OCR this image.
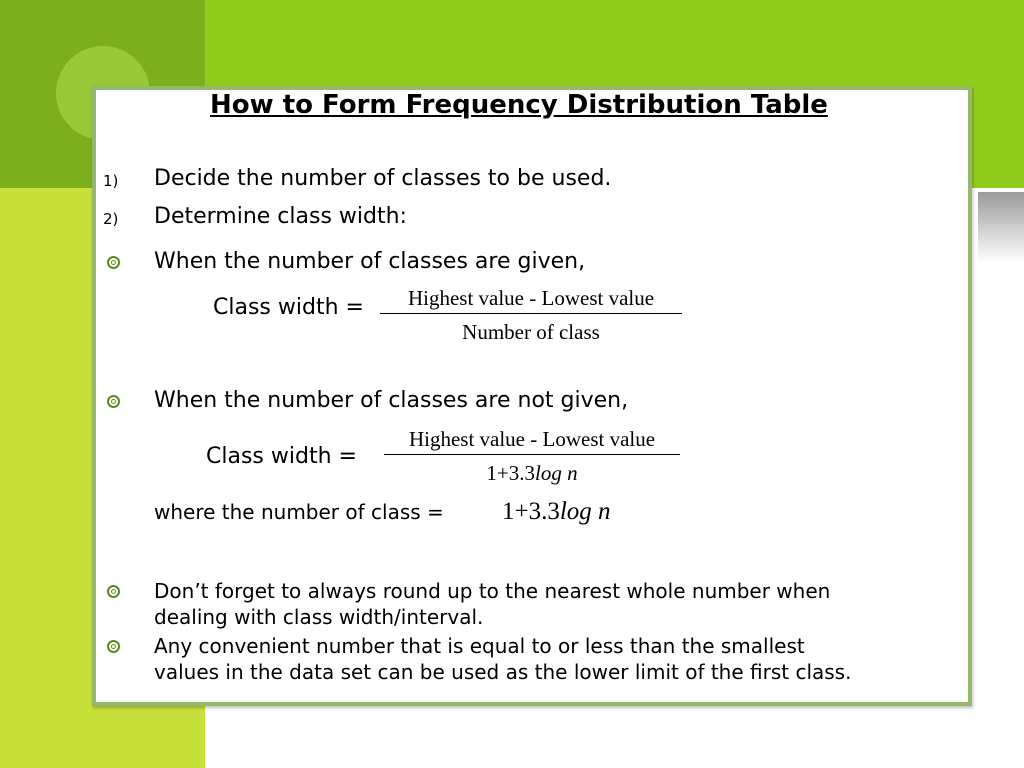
How to Form Frequency Distribution Table
1) Decide the number of classes to be used.
2) Determine class width:
When the number of classes are given,
Class width =	Highest value - Lowest value
Number of class
When the number of classes are not given,
Class width =
Highest value - Lowest value
1+3.3log n
where the number of class = 1+3.3log n
Don’t forget to always round up to the nearest whole number when
dealing with class width/interval.
Any convenient number that is equal to or less than the smallest
values in the data set can be used as the lower limit of the first class.
